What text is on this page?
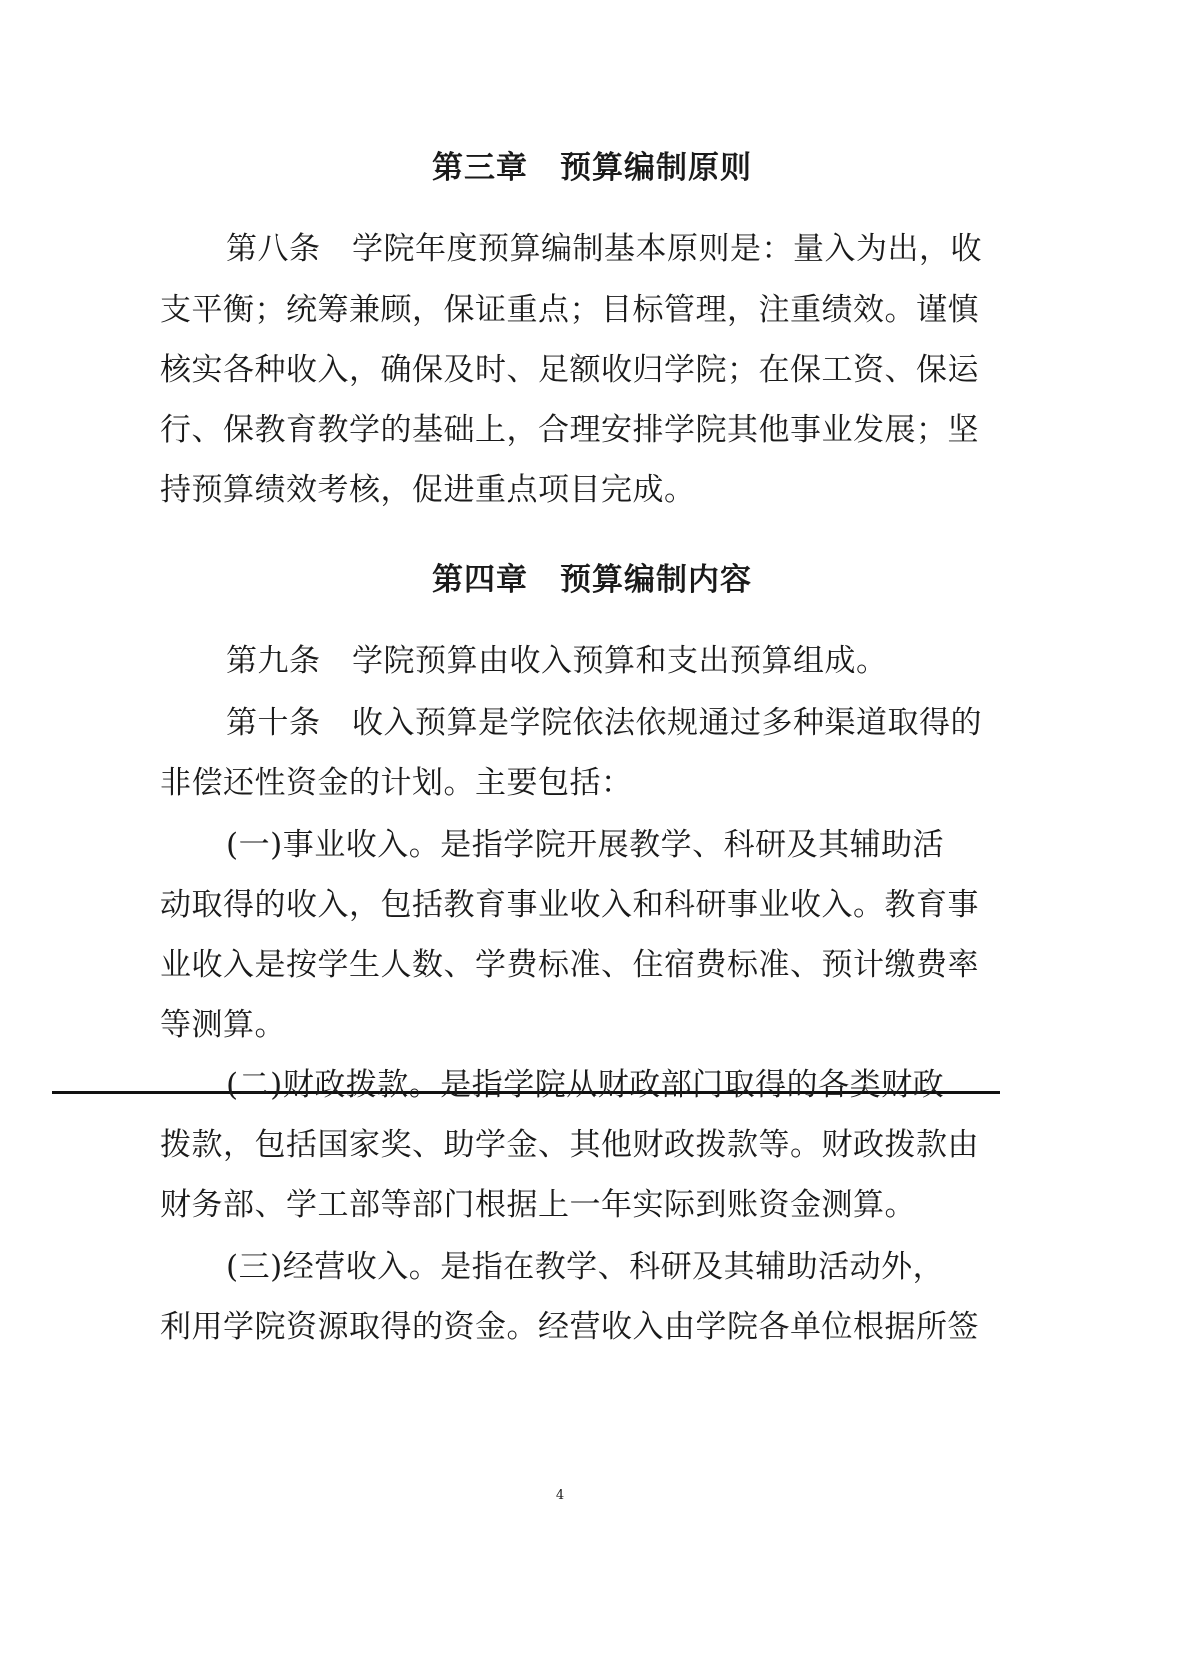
第三章　预算编制原则
第八条　学院年度预算编制基本原则是：量入为出，收
支平衡；统筹兼顾，保证重点；目标管理，注重绩效。谨慎
核实各种收入，确保及时、足额收归学院；在保工资、保运
行、保教育教学的基础上，合理安排学院其他事业发展；坚
持预算绩效考核，促进重点项目完成。
第四章　预算编制内容
第九条　学院预算由收入预算和支出预算组成。
第十条　收入预算是学院依法依规通过多种渠道取得的
非偿还性资金的计划。主要包括：
(一)事业收入。是指学院开展教学、科研及其辅助活
动取得的收入，包括教育事业收入和科研事业收入。教育事
业收入是按学生人数、学费标准、住宿费标准、预计缴费率
等测算。
(二)财政拨款。是指学院从财政部门取得的各类财政
拨款，包括国家奖、助学金、其他财政拨款等。财政拨款由
财务部、学工部等部门根据上一年实际到账资金测算。
(三)经营收入。是指在教学、科研及其辅助活动外，
利用学院资源取得的资金。经营收入由学院各单位根据所签
4
